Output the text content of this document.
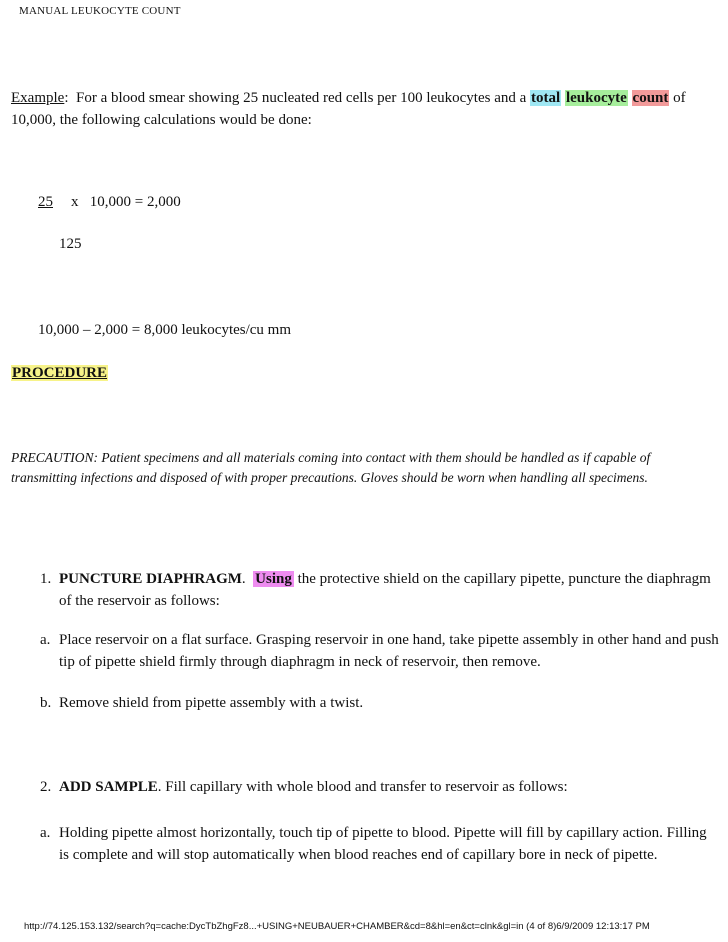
MANUAL LEUKOCYTE COUNT
Example:  For a blood smear showing 25 nucleated red cells per 100 leukocytes and a total leukocyte count of 10,000, the following calculations would be done:
25 x   10,000 = 2,000
125
10,000 – 2,000 = 8,000 leukocytes/cu mm
PROCEDURE
PRECAUTION: Patient specimens and all materials coming into contact with them should be handled as if capable of transmitting infections and disposed of with proper precautions. Gloves should be worn when handling all specimens.
1. PUNCTURE DIAPHRAGM.  Using the protective shield on the capillary pipette, puncture the diaphragm of the reservoir as follows:
a. Place reservoir on a flat surface. Grasping reservoir in one hand, take pipette assembly in other hand and push tip of pipette shield firmly through diaphragm in neck of reservoir, then remove.
b. Remove shield from pipette assembly with a twist.
2. ADD SAMPLE. Fill capillary with whole blood and transfer to reservoir as follows:
a. Holding pipette almost horizontally, touch tip of pipette to blood. Pipette will fill by capillary action. Filling is complete and will stop automatically when blood reaches end of capillary bore in neck of pipette.
http://74.125.153.132/search?q=cache:DycTbZhgFz8...+USING+NEUBAUER+CHAMBER&cd=8&hl=en&ct=clnk&gl=in (4 of 8)6/9/2009 12:13:17 PM
